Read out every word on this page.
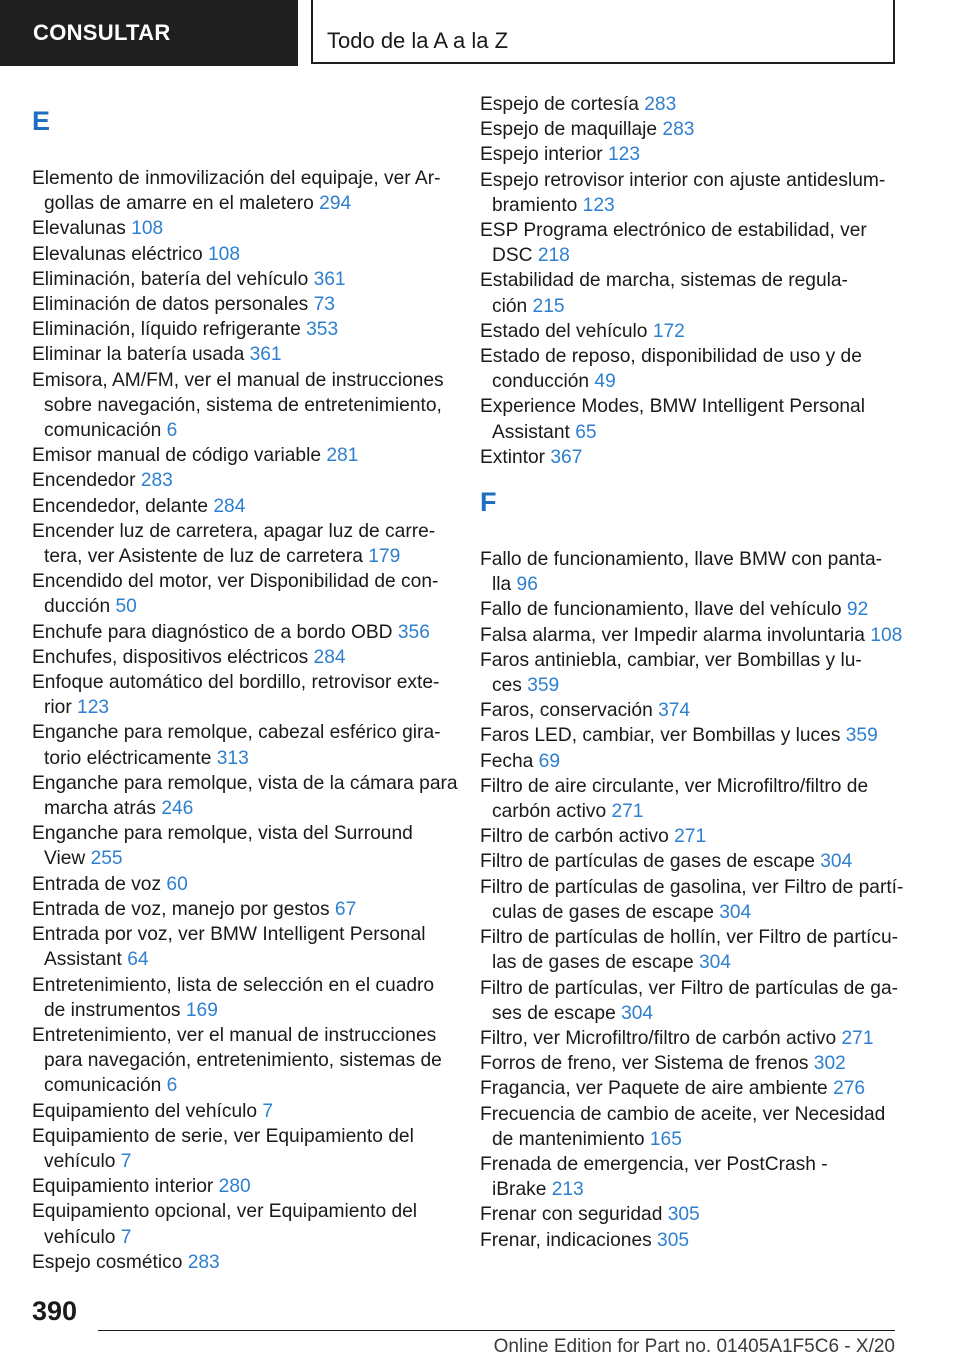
CONSULTAR	Todo de la A a la Z
E
Elemento de inmovilización del equipaje, ver Ar-
gollas de amarre en el maletero 294
Elevalunas 108
Elevalunas eléctrico 108
Eliminación, batería del vehículo 361
Eliminación de datos personales 73
Eliminación, líquido refrigerante 353
Eliminar la batería usada 361
Emisora, AM/FM, ver el manual de instrucciones
sobre navegación, sistema de entretenimiento,
comunicación 6
Emisor manual de código variable 281
Encendedor 283
Encendedor, delante 284
Encender luz de carretera, apagar luz de carre-
tera, ver Asistente de luz de carretera 179
Encendido del motor, ver Disponibilidad de con-
ducción 50
Enchufe para diagnóstico de a bordo OBD 356
Enchufes, dispositivos eléctricos 284
Enfoque automático del bordillo, retrovisor exte-
rior 123
Enganche para remolque, cabezal esférico gira-
torio eléctricamente 313
Enganche para remolque, vista de la cámara para
marcha atrás 246
Enganche para remolque, vista del Surround
View 255
Entrada de voz 60
Entrada de voz, manejo por gestos 67
Entrada por voz, ver BMW Intelligent Personal
Assistant 64
Entretenimiento, lista de selección en el cuadro
de instrumentos 169
Entretenimiento, ver el manual de instrucciones
para navegación, entretenimiento, sistemas de
comunicación 6
Equipamiento del vehículo 7
Equipamiento de serie, ver Equipamiento del
vehículo 7
Equipamiento interior 280
Equipamiento opcional, ver Equipamiento del
vehículo 7
Espejo cosmético 283
Espejo de cortesía 283
Espejo de maquillaje 283
Espejo interior 123
Espejo retrovisor interior con ajuste antideslum-
bramiento 123
ESP Programa electrónico de estabilidad, ver
DSC 218
Estabilidad de marcha, sistemas de regula-
ción 215
Estado del vehículo 172
Estado de reposo, disponibilidad de uso y de
conducción 49
Experience Modes, BMW Intelligent Personal
Assistant 65
Extintor 367
F
Fallo de funcionamiento, llave BMW con panta-
lla 96
Fallo de funcionamiento, llave del vehículo 92
Falsa alarma, ver Impedir alarma involuntaria 108
Faros antiniebla, cambiar, ver Bombillas y lu-
ces 359
Faros, conservación 374
Faros LED, cambiar, ver Bombillas y luces 359
Fecha 69
Filtro de aire circulante, ver Microfiltro/filtro de
carbón activo 271
Filtro de carbón activo 271
Filtro de partículas de gases de escape 304
Filtro de partículas de gasolina, ver Filtro de partí-
culas de gases de escape 304
Filtro de partículas de hollín, ver Filtro de partícu-
las de gases de escape 304
Filtro de partículas, ver Filtro de partículas de ga-
ses de escape 304
Filtro, ver Microfiltro/filtro de carbón activo 271
Forros de freno, ver Sistema de frenos 302
Fragancia, ver Paquete de aire ambiente 276
Frecuencia de cambio de aceite, ver Necesidad
de mantenimiento 165
Frenada de emergencia, ver PostCrash -
iBrake 213
Frenar con seguridad 305
Frenar, indicaciones 305
390
Online Edition for Part no. 01405A1F5C6 - X/20
